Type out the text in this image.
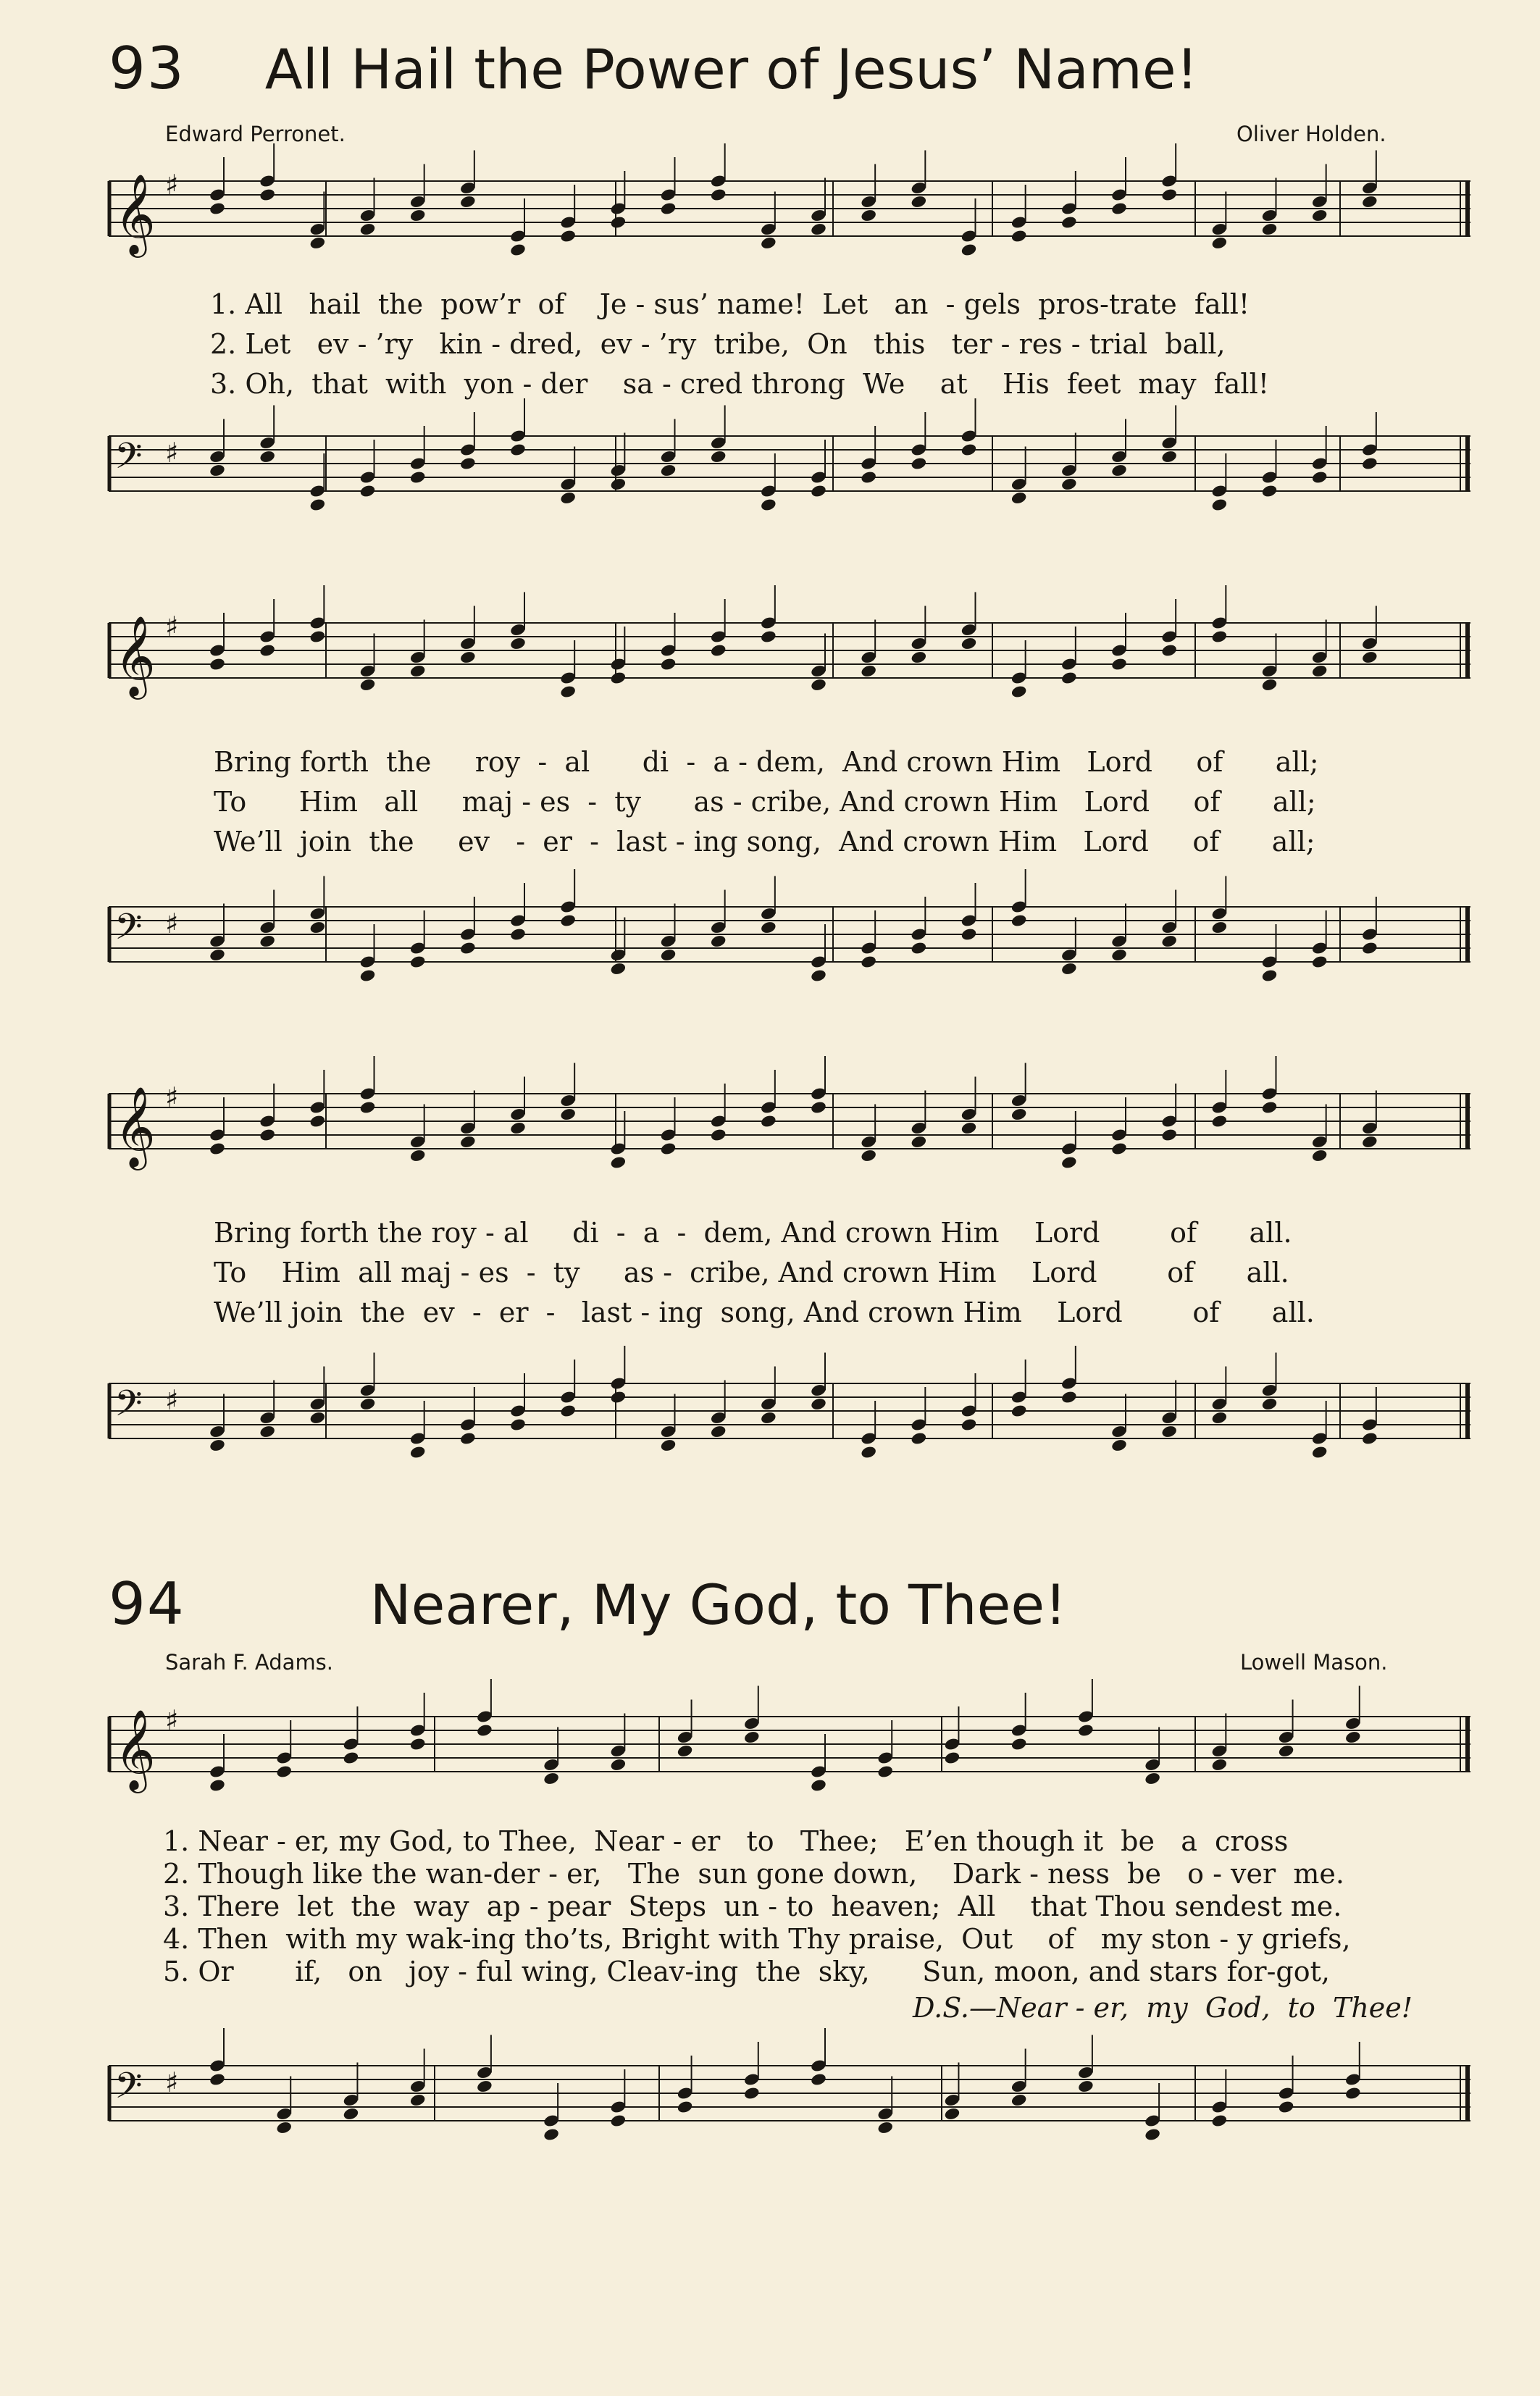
93 All Hail the Power of Jesus’ Name!
Edward Perronet.	Oliver Holden.
𝄞 ♯
1. All   hail  the  pow’r  of    Je - sus’ name!  Let   an  - gels  pros-trate  fall!
2. Let   ev - ’ry   kin - dred,  ev - ’ry  tribe,  On   this   ter - res - trial  ball,
3. Oh,  that  with  yon - der    sa - cred throng  We    at    His  feet  may  fall!
𝄢 ♯
𝄞 ♯
Bring forth  the     roy  -  al      di  -  a - dem,  And crown Him   Lord     of      all;
To      Him   all     maj - es  -  ty      as - cribe, And crown Him   Lord     of      all;
We’ll  join  the     ev   -  er  -  last - ing song,  And crown Him   Lord     of      all;
𝄢 ♯
𝄞 ♯
Bring forth the roy - al     di  -  a  -  dem, And crown Him    Lord        of      all.
To    Him  all maj - es  -  ty     as -  cribe, And crown Him    Lord        of      all.
We’ll join  the  ev  -  er  -   last - ing  song, And crown Him    Lord        of      all.
𝄢 ♯
94	Nearer, My God, to Thee!
Sarah F. Adams.	Lowell Mason.
𝄞 ♯
1. Near - er, my God, to Thee,  Near - er   to   Thee;   E’en though it  be   a  cross
2. Though like the wan-der - er,   The  sun gone down,    Dark - ness  be   o - ver  me.
3. There  let  the  way  ap - pear  Steps  un - to  heaven;  All    that Thou sendest me.
4. Then  with my wak-ing tho’ts, Bright with Thy praise,  Out    of   my ston - y griefs,
5. Or       if,   on   joy - ful wing, Cleav-ing  the  sky,      Sun, moon, and stars for-got,
D.S.—Near - er,  my  God,  to  Thee!
𝄢 ♯
